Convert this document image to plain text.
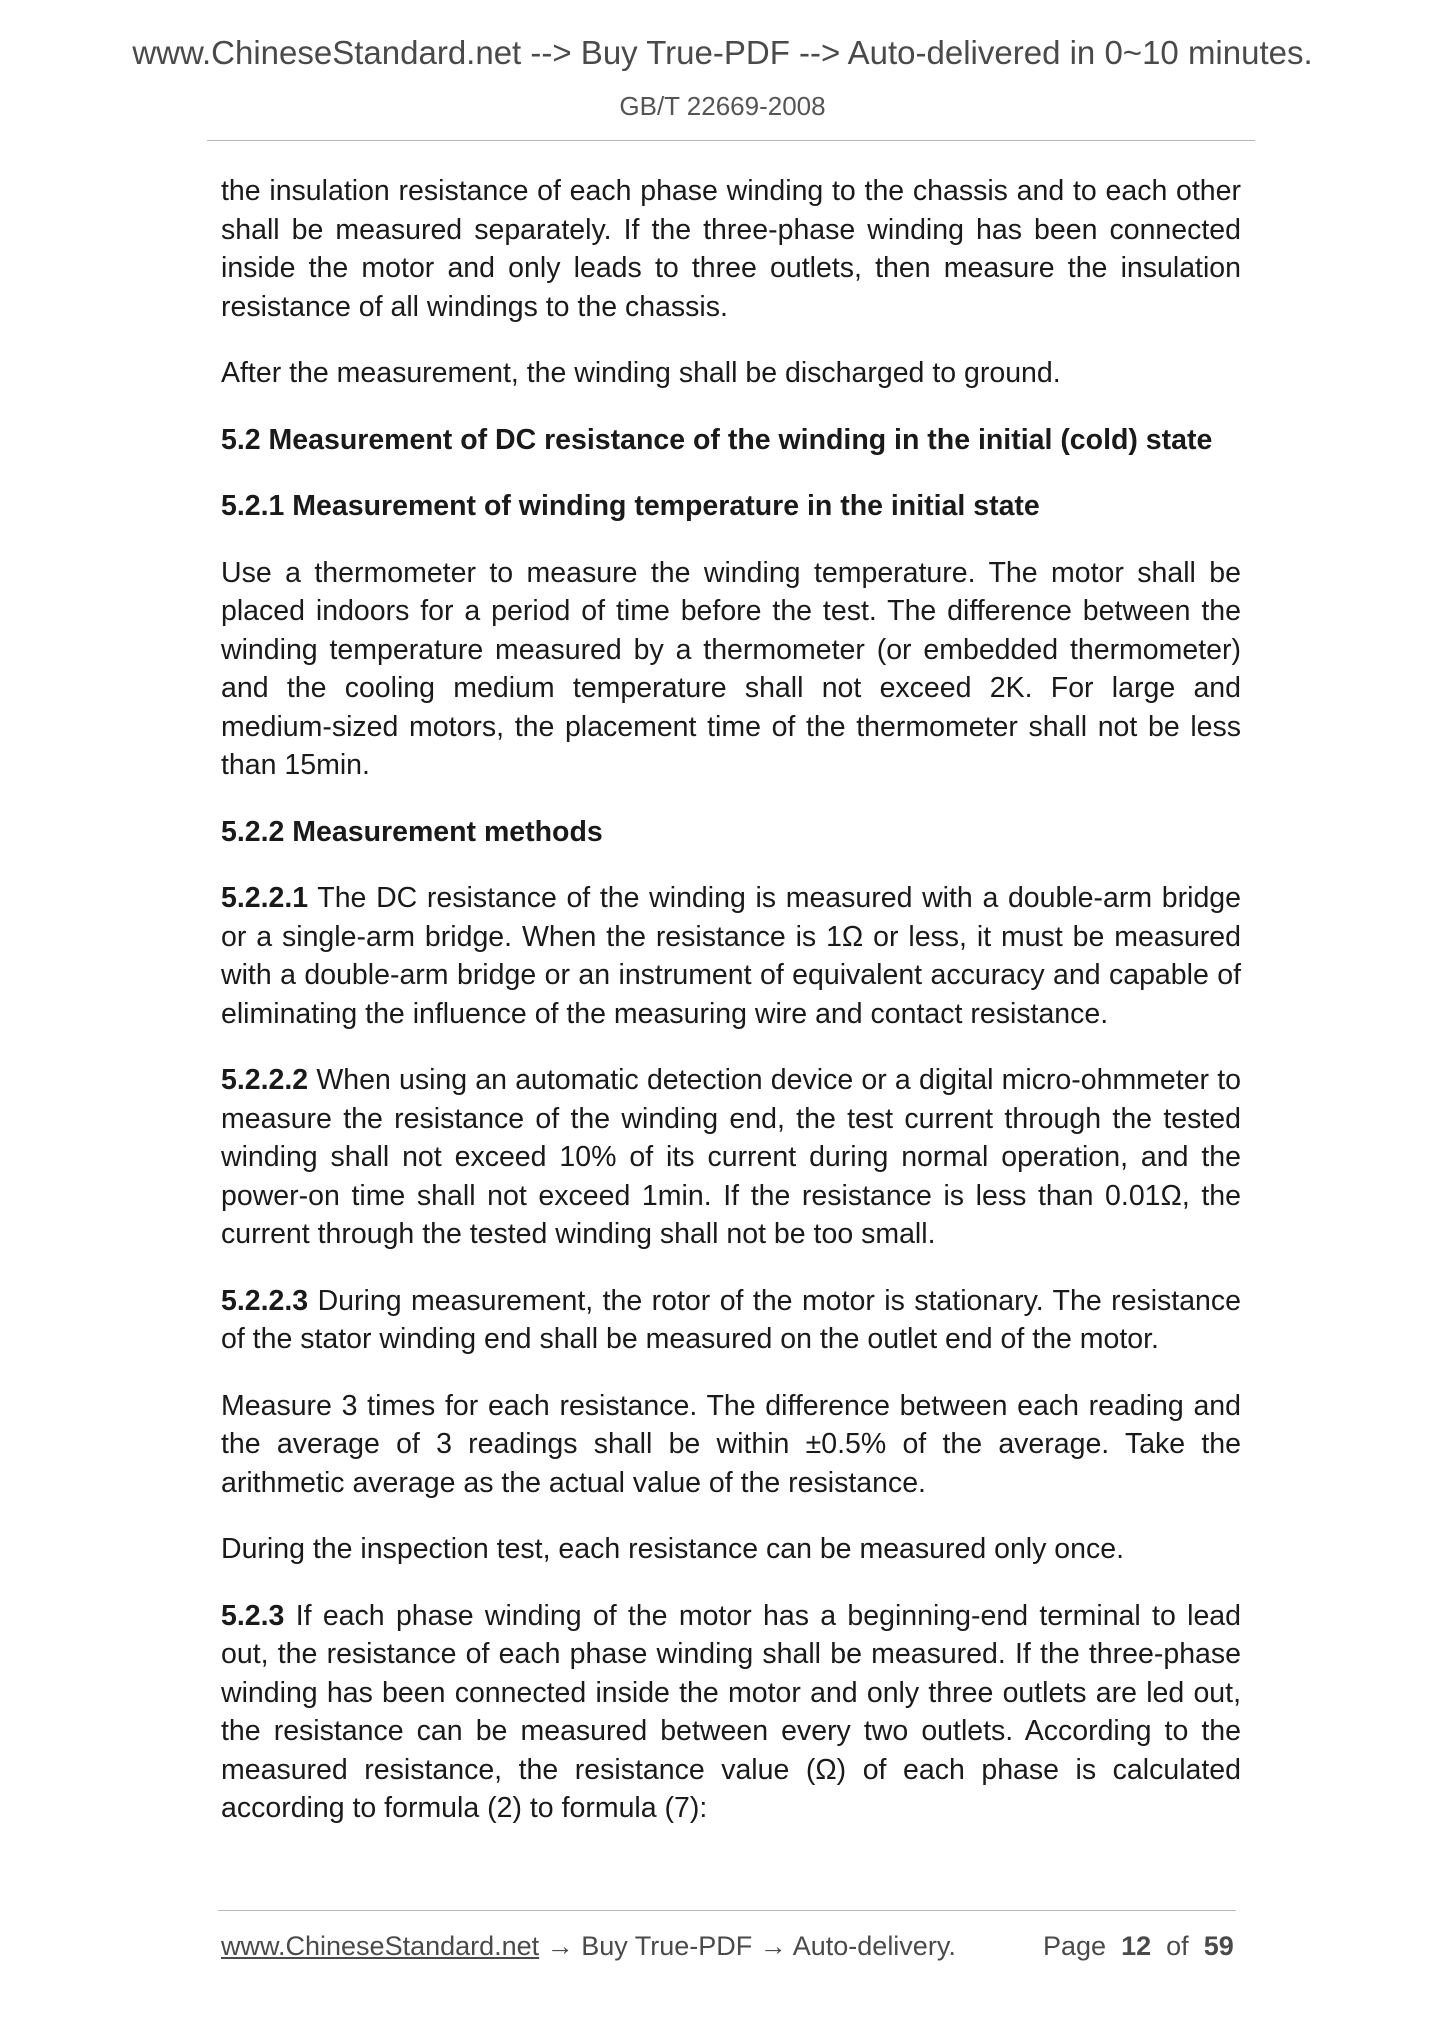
www.ChineseStandard.net --> Buy True-PDF --> Auto-delivered in 0~10 minutes.
GB/T 22669-2008

the insulation resistance of each phase winding to the chassis and to each other shall be measured separately. If the three-phase winding has been connected inside the motor and only leads to three outlets, then measure the insulation resistance of all windings to the chassis.

After the measurement, the winding shall be discharged to ground.

5.2 Measurement of DC resistance of the winding in the initial (cold) state

5.2.1 Measurement of winding temperature in the initial state

Use a thermometer to measure the winding temperature. The motor shall be placed indoors for a period of time before the test. The difference between the winding temperature measured by a thermometer (or embedded thermometer) and the cooling medium temperature shall not exceed 2K. For large and medium-sized motors, the placement time of the thermometer shall not be less than 15min.

5.2.2 Measurement methods

5.2.2.1 The DC resistance of the winding is measured with a double-arm bridge or a single-arm bridge. When the resistance is 1Ω or less, it must be measured with a double-arm bridge or an instrument of equivalent accuracy and capable of eliminating the influence of the measuring wire and contact resistance.

5.2.2.2 When using an automatic detection device or a digital micro-ohmmeter to measure the resistance of the winding end, the test current through the tested winding shall not exceed 10% of its current during normal operation, and the power-on time shall not exceed 1min. If the resistance is less than 0.01Ω, the current through the tested winding shall not be too small.

5.2.2.3 During measurement, the rotor of the motor is stationary. The resistance of the stator winding end shall be measured on the outlet end of the motor.

Measure 3 times for each resistance. The difference between each reading and the average of 3 readings shall be within ±0.5% of the average. Take the arithmetic average as the actual value of the resistance.

During the inspection test, each resistance can be measured only once.

5.2.3 If each phase winding of the motor has a beginning-end terminal to lead out, the resistance of each phase winding shall be measured. If the three-phase winding has been connected inside the motor and only three outlets are led out, the resistance can be measured between every two outlets. According to the measured resistance, the resistance value (Ω) of each phase is calculated according to formula (2) to formula (7):

www.ChineseStandard.net → Buy True-PDF → Auto-delivery.	Page 12 of 59
